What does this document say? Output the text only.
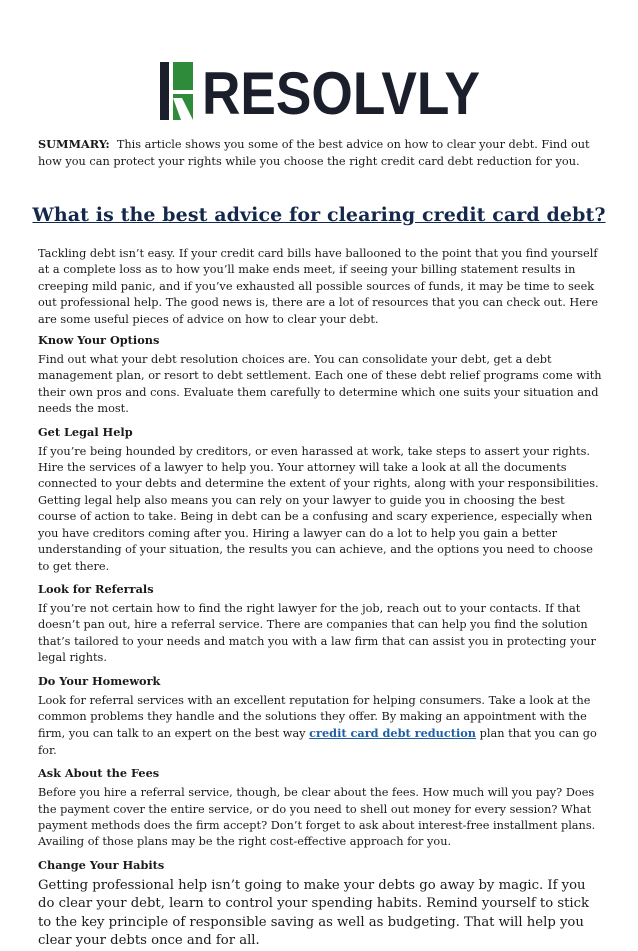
RESOLVLY

SUMMARY: This article shows you some of the best advice on how to clear your debt. Find out how you can protect your rights while you choose the right credit card debt reduction for you.

What is the best advice for clearing credit card debt?

Tackling debt isn’t easy. If your credit card bills have ballooned to the point that you find yourself at a complete loss as to how you’ll make ends meet, if seeing your billing statement results in creeping mild panic, and if you’ve exhausted all possible sources of funds, it may be time to seek out professional help. The good news is, there are a lot of resources that you can check out. Here are some useful pieces of advice on how to clear your debt.

Know Your Options

Find out what your debt resolution choices are. You can consolidate your debt, get a debt management plan, or resort to debt settlement. Each one of these debt relief programs come with their own pros and cons. Evaluate them carefully to determine which one suits your situation and needs the most.

Get Legal Help

If you’re being hounded by creditors, or even harassed at work, take steps to assert your rights. Hire the services of a lawyer to help you. Your attorney will take a look at all the documents connected to your debts and determine the extent of your rights, along with your responsibilities. Getting legal help also means you can rely on your lawyer to guide you in choosing the best course of action to take. Being in debt can be a confusing and scary experience, especially when you have creditors coming after you. Hiring a lawyer can do a lot to help you gain a better understanding of your situation, the results you can achieve, and the options you need to choose to get there.

Look for Referrals

If you’re not certain how to find the right lawyer for the job, reach out to your contacts. If that doesn’t pan out, hire a referral service. There are companies that can help you find the solution that’s tailored to your needs and match you with a law firm that can assist you in protecting your legal rights.

Do Your Homework

Look for referral services with an excellent reputation for helping consumers. Take a look at the common problems they handle and the solutions they offer. By making an appointment with the firm, you can talk to an expert on the best way credit card debt reduction plan that you can go for.

Ask About the Fees

Before you hire a referral service, though, be clear about the fees. How much will you pay? Does the payment cover the entire service, or do you need to shell out money for every session? What payment methods does the firm accept? Don’t forget to ask about interest-free installment plans. Availing of those plans may be the right cost-effective approach for you.

Change Your Habits

Getting professional help isn’t going to make your debts go away by magic. If you do clear your debt, learn to control your spending habits. Remind yourself to stick to the key principle of responsible saving as well as budgeting. That will help you clear your debts once and for all.
